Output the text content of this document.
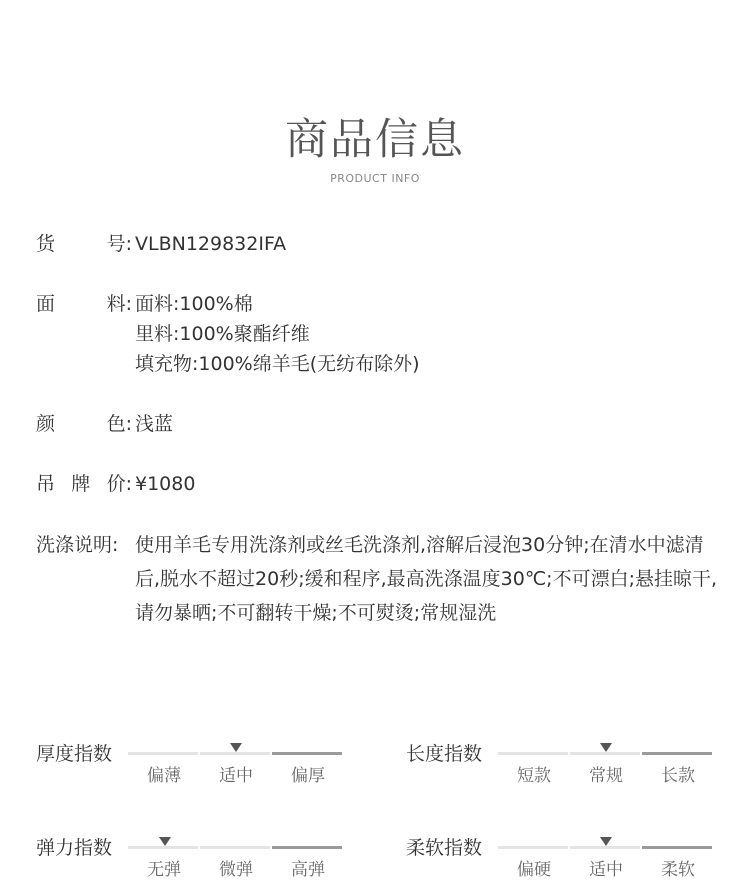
商品信息
PRODUCT INFO
货	号: VLBN129832IFA
面	料: 面料:100%棉
里料:100%聚酯纤维
填充物:100%绵羊毛(无纺布除外)
颜	色: 浅蓝
吊 牌 价: ¥1080
洗涤说明: 使用羊毛专用洗涤剂或丝毛洗涤剂,溶解后浸泡30分钟;在清水中滤清后,脱水不超过20秒;缓和程序,最高洗涤温度30℃;不可漂白;悬挂晾干,请勿暴晒;不可翻转干燥;不可熨烫;常规湿洗
厚度指数
偏薄	适中	偏厚
长度指数
短款	常规	长款
弹力指数
无弹	微弹	高弹
柔软指数
偏硬	适中	柔软
